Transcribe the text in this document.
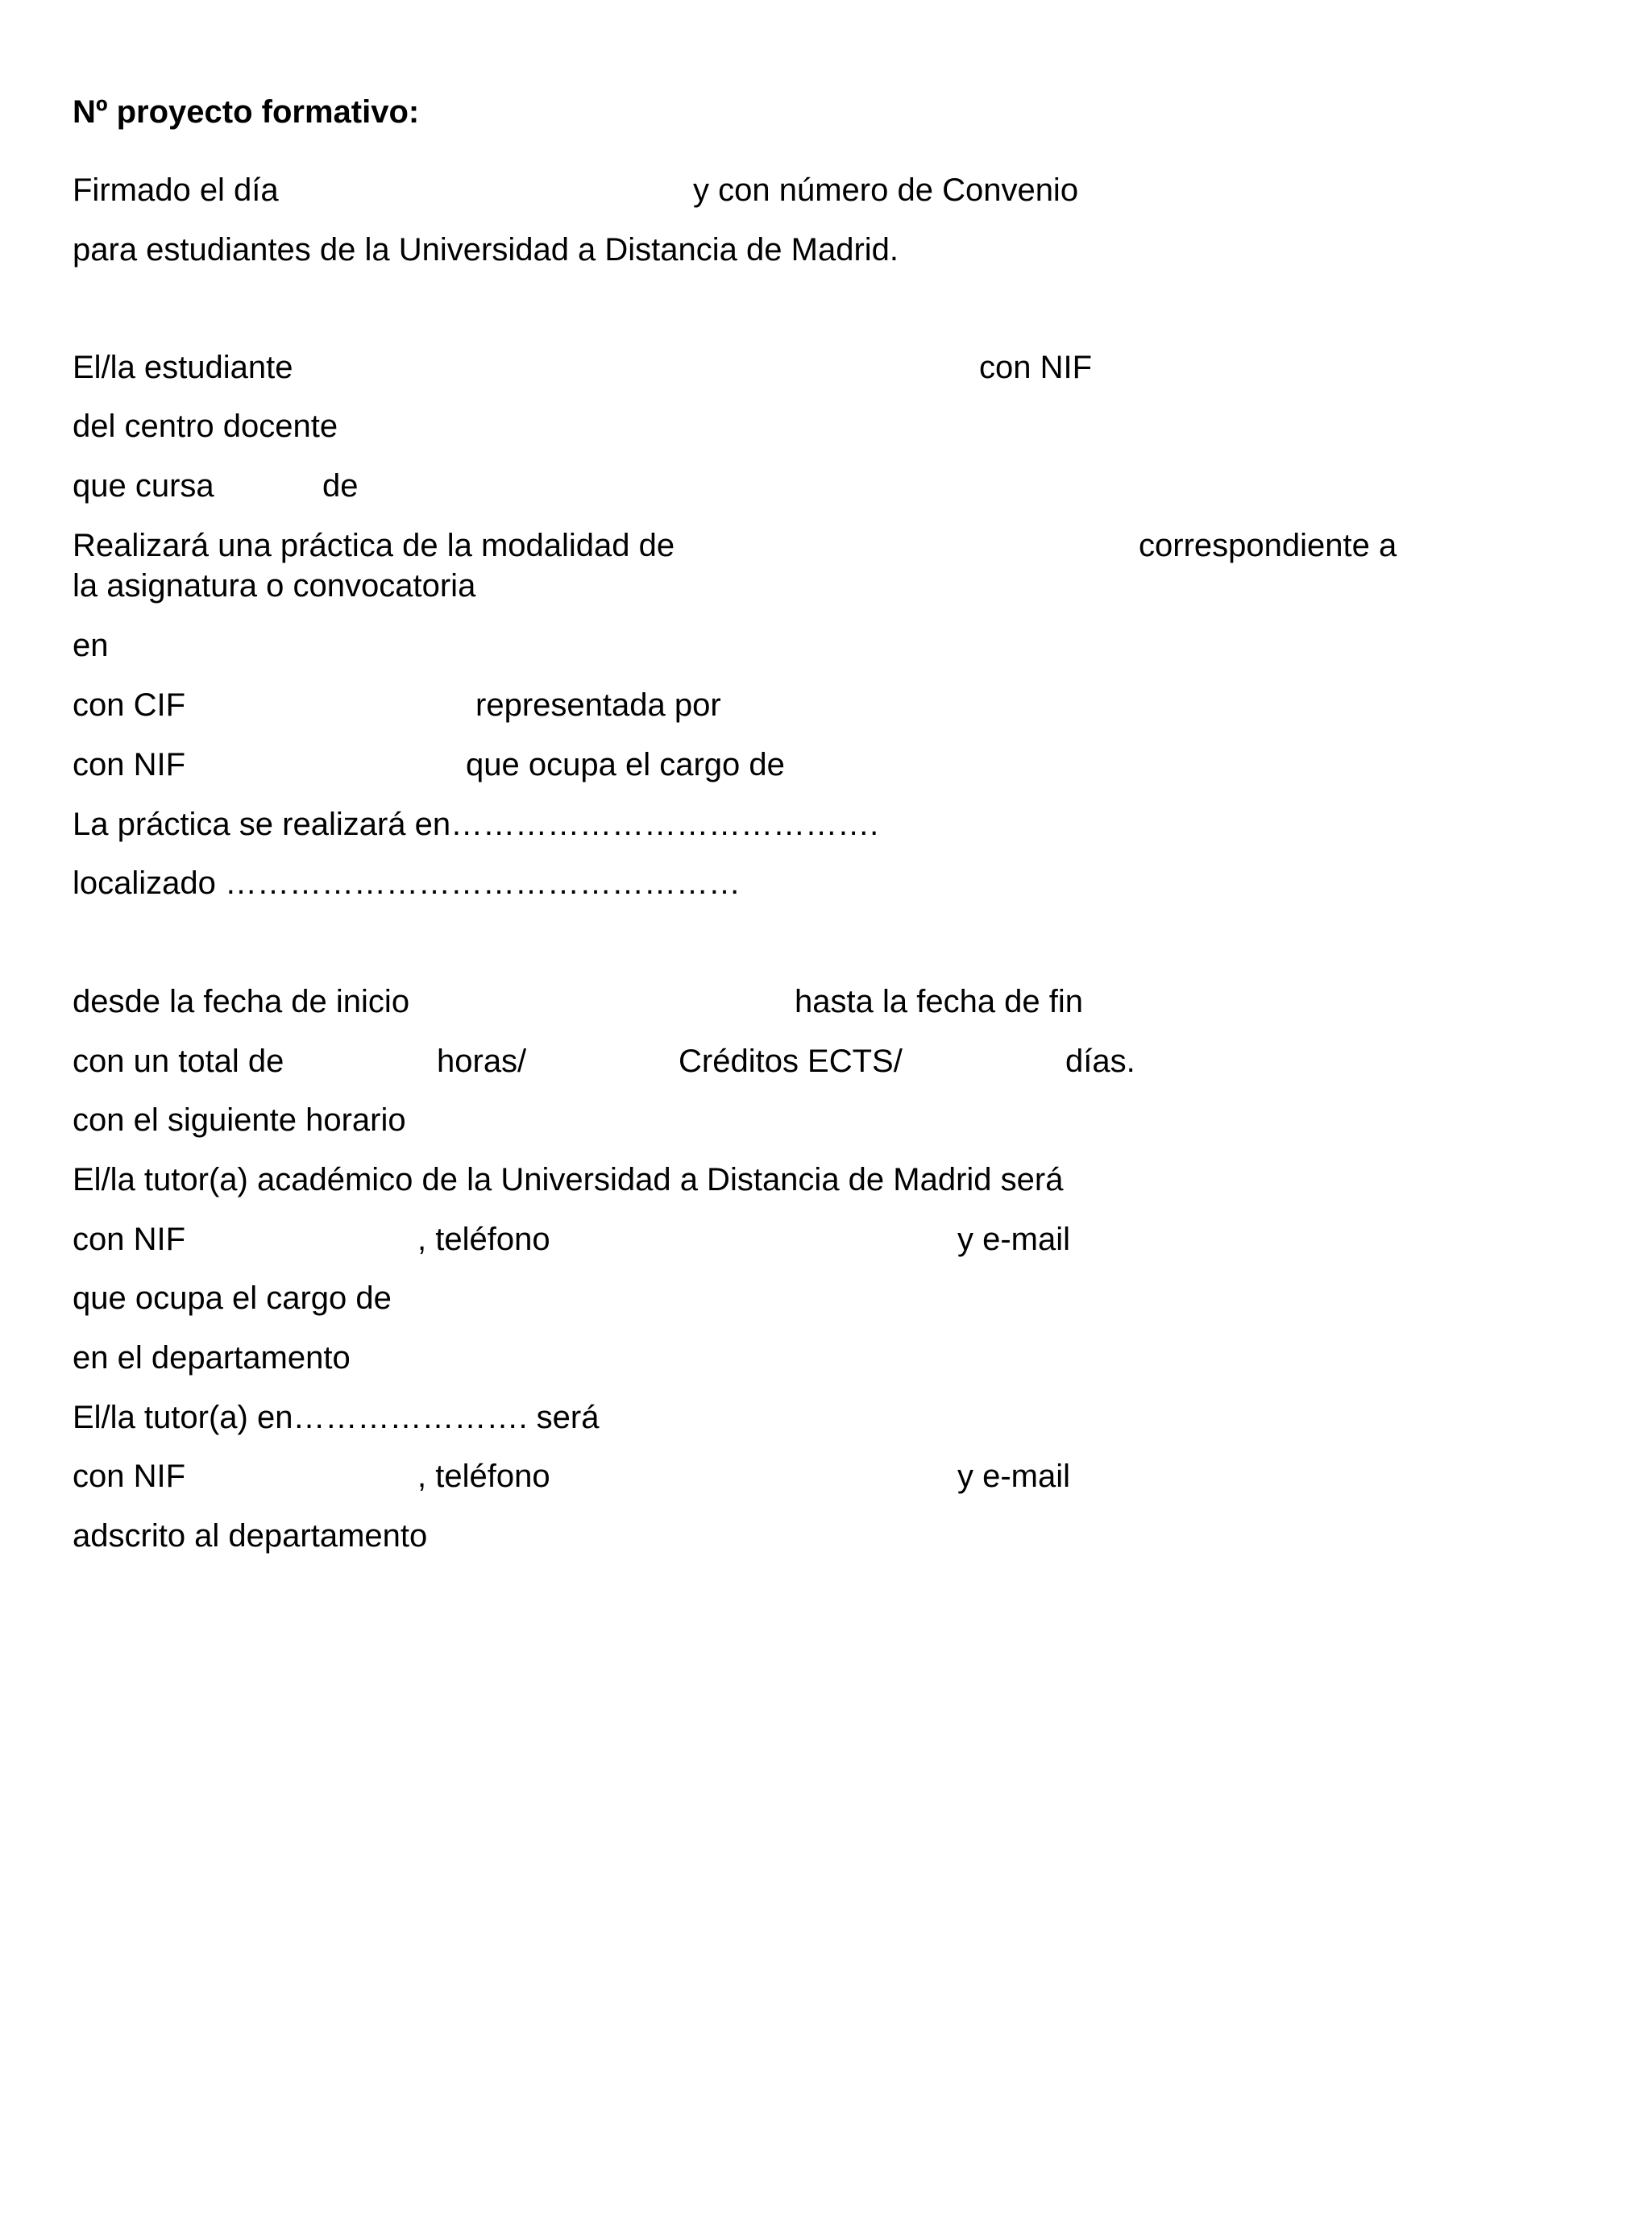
Nº proyecto formativo:
Firmado el día	y con número de Convenio
para estudiantes de la Universidad a Distancia de Madrid.
El/la estudiante	con NIF
del centro docente
que cursa	de
Realizará una práctica de la modalidad de	correspondiente a
la asignatura o convocatoria
en
con CIF	representada por
con NIF	que ocupa el cargo de
La práctica se realizará en………………………………….
localizado …………………………………………
desde la fecha de inicio	hasta la fecha de fin
con un total de	horas/	Créditos ECTS/	días.
con el siguiente horario
El/la tutor(a) académico de la Universidad a Distancia de Madrid será
con NIF	, teléfono	y e-mail
que ocupa el cargo de
en el departamento
El/la tutor(a) en…………………. será
con NIF	, teléfono	y e-mail
adscrito al departamento
